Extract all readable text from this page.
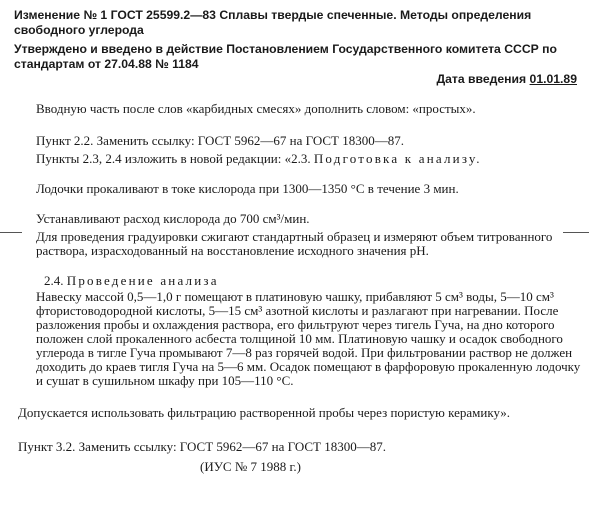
Изменение № 1 ГОСТ 25599.2—83 Сплавы твердые спеченные. Методы определения свободного углерода
Утверждено и введено в действие Постановлением Государственного комитета СССР по стандартам от 27.04.88 № 1184
Дата введения 01.01.89
Вводную часть после слов «карбидных смесях» дополнить словом: «простых».
Пункт 2.2. Заменить ссылку: ГОСТ 5962—67 на ГОСТ 18300—87.
Пункты 2.3, 2.4 изложить в новой редакции: «2.3. Подготовка к анализу.
Лодочки прокаливают в токе кислорода при 1300—1350 °С в течение 3 мин.
Устанавливают расход кислорода до 700 см³/мин.
Для проведения градуировки сжигают стандартный образец и измеряют объем титрованного раствора, израсходованный на восстановление исходного значения рН.
2.4. Проведение анализа
Навеску массой 0,5—1,0 г помещают в платиновую чашку, прибавляют 5 см³ воды, 5—10 см³ фтористоводородной кислоты, 5—15 см³ азотной кислоты и разлагают при нагревании. После разложения пробы и охлаждения раствора, его фильтруют через тигель Гуча, на дно которого положен слой прокаленного асбеста толщиной 10 мм. Платиновую чашку и осадок свободного углерода в тигле Гуча промывают 7—8 раз горячей водой. При фильтровании раствор не должен доходить до краев тигля Гуча на 5—6 мм. Осадок помещают в фарфоровую прокаленную лодочку и сушат в сушильном шкафу при 105—110 °С.
Допускается использовать фильтрацию растворенной пробы через пористую керамику».
Пункт 3.2. Заменить ссылку: ГОСТ 5962—67 на ГОСТ 18300—87.
(ИУС № 7 1988 г.)
